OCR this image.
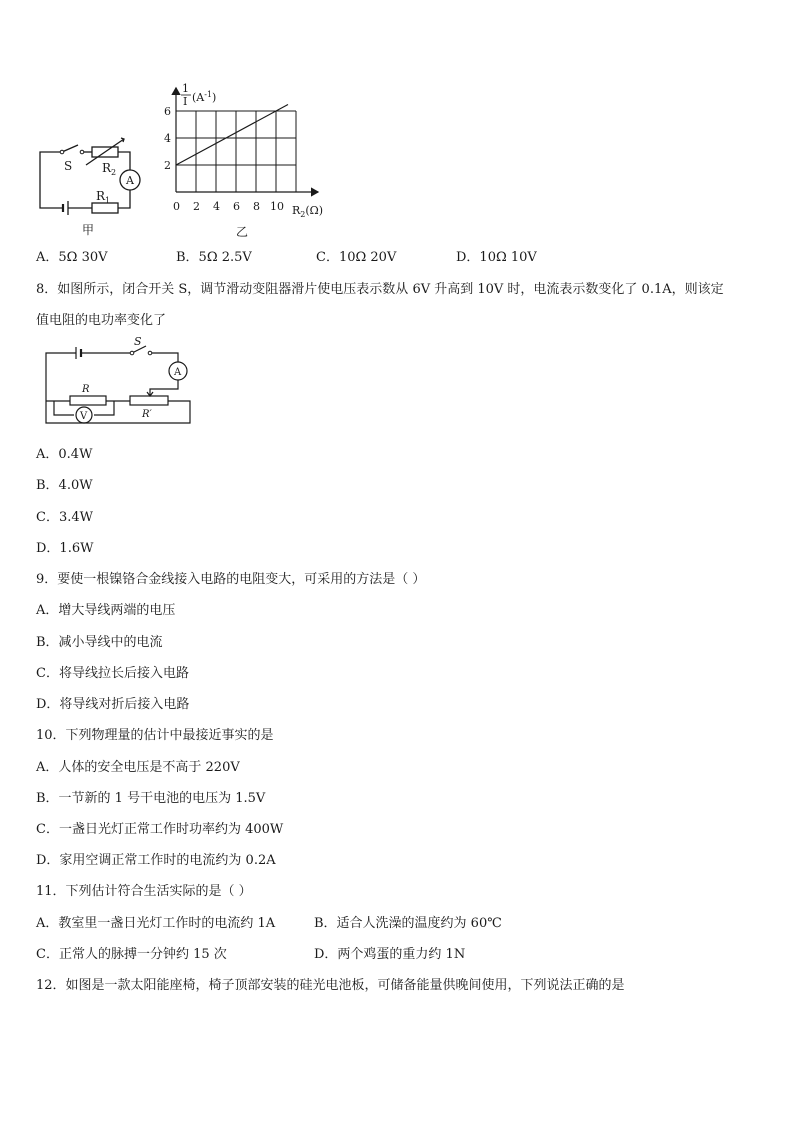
S $R_2$
A
$R_1$
甲
6
4
2
0 2 4 6 8 10
1
I $(A^{-1})$
$R_2(\Omega)$
乙
A．5Ω 30V	B．5Ω 2.5V	C．10Ω 20V	D．10Ω 10V
8．如图所示，闭合开关 S，调节滑动变阻器滑片使电压表示数从 6V 升高到 10V 时，电流表示数变化了 0.1A，则该定
值电阻的电功率变化了
S
A
R
V	R′
A．0.4W
B．4.0W
C．3.4W
D．1.6W
9．要使一根镍铬合金线接入电路的电阻变大，可采用的方法是（ ）
A．增大导线两端的电压
B．减小导线中的电流
C．将导线拉长后接入电路
D．将导线对折后接入电路
10．下列物理量的估计中最接近事实的是
A．人体的安全电压是不高于 220V
B．一节新的 1 号干电池的电压为 1.5V
C．一盏日光灯正常工作时功率约为 400W
D．家用空调正常工作时的电流约为 0.2A
11．下列估计符合生活实际的是（ ）
A．教室里一盏日光灯工作时的电流约 1A	B．适合人洗澡的温度约为 60℃
C．正常人的脉搏一分钟约 15 次	D．两个鸡蛋的重力约 1N
12．如图是一款太阳能座椅，椅子顶部安装的硅光电池板，可储备能量供晚间使用，下列说法正确的是
